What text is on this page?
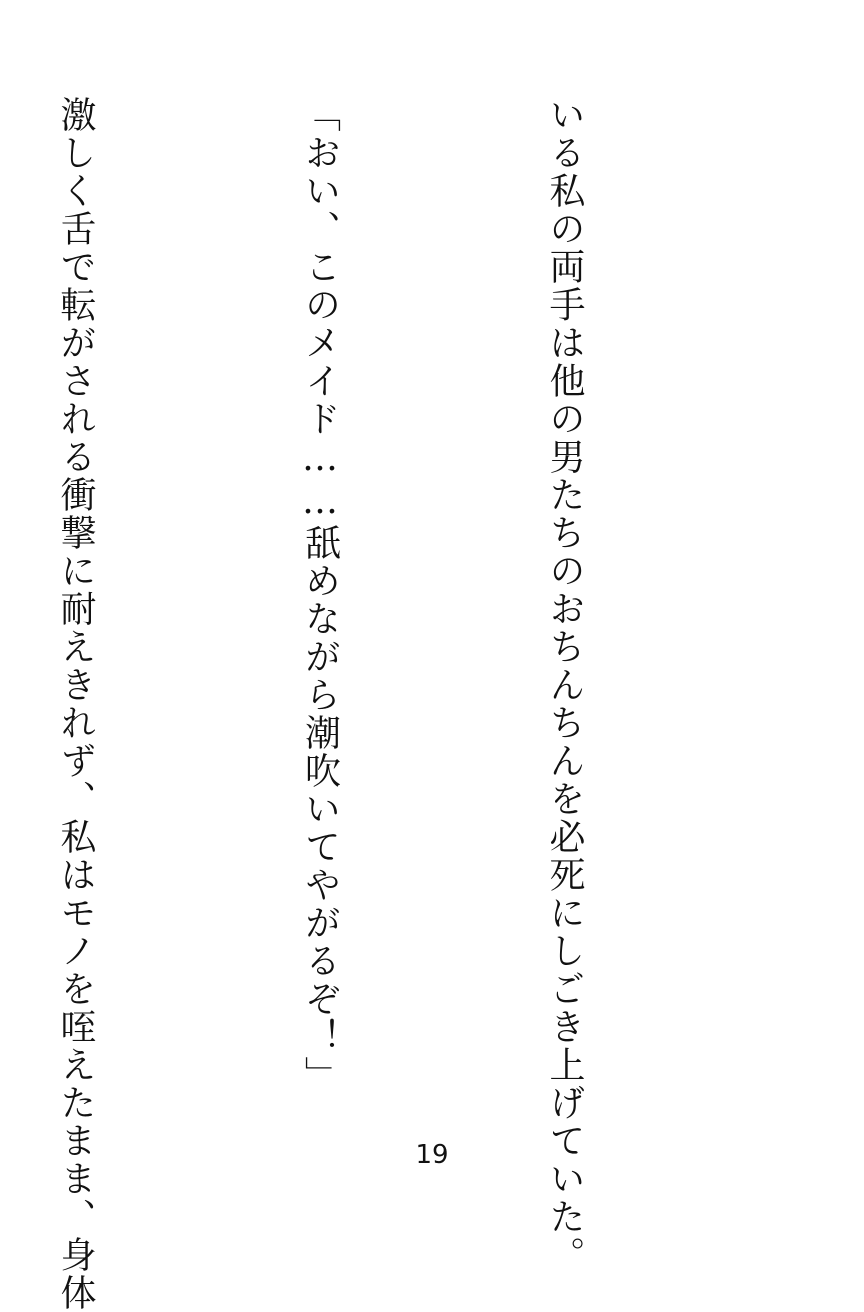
いる私の両手は他の男たちのおちんちんを必死にしごき上げていた。

「おい、このメイド……舐めながら潮吹いてやがるぞ！」

激しく舌で転がされる衝撃に耐えきれず、私はモノを咥えたまま、身体

	19
